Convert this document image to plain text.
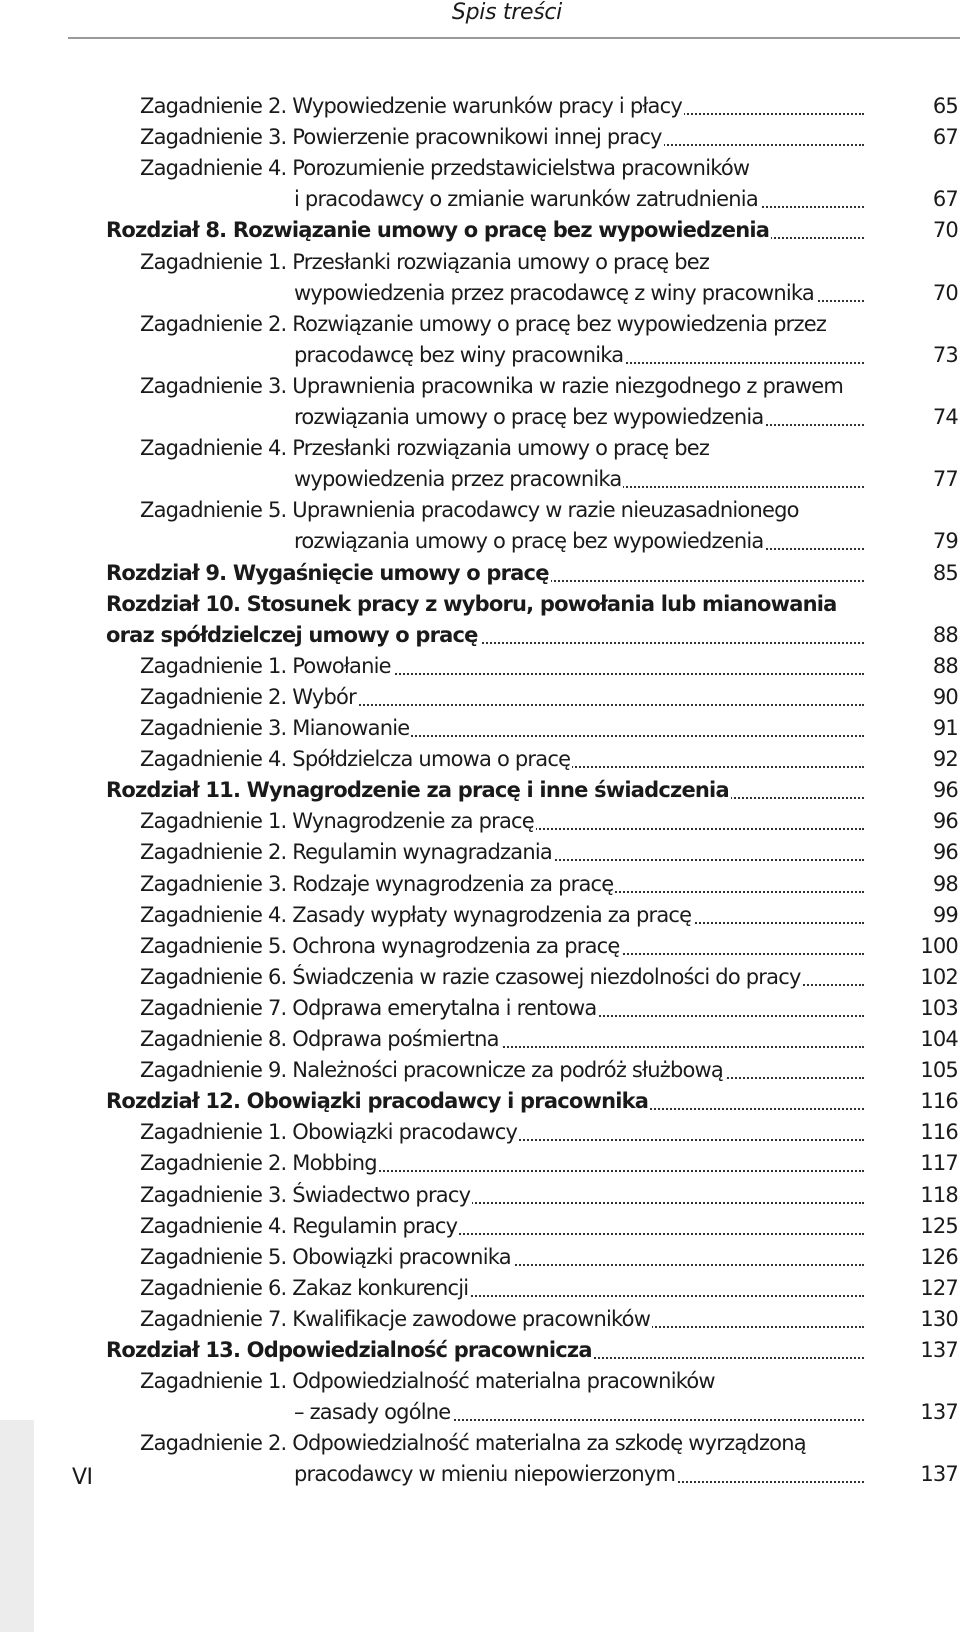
Spis treści
Zagadnienie 2. Wypowiedzenie warunków pracy i płacy	65
Zagadnienie 3. Powierzenie pracownikowi innej pracy	67
Zagadnienie 4. Porozumienie przedstawicielstwa pracowników
i pracodawcy o zmianie warunków zatrudnienia	67
Rozdział 8. Rozwiązanie umowy o pracę bez wypowiedzenia	70
Zagadnienie 1. Przesłanki rozwiązania umowy o pracę bez
wypowiedzenia przez pracodawcę z winy pracownika	70
Zagadnienie 2. Rozwiązanie umowy o pracę bez wypowiedzenia przez
pracodawcę bez winy pracownika	73
Zagadnienie 3. Uprawnienia pracownika w razie niezgodnego z prawem
rozwiązania umowy o pracę bez wypowiedzenia	74
Zagadnienie 4. Przesłanki rozwiązania umowy o pracę bez
wypowiedzenia przez pracownika	77
Zagadnienie 5. Uprawnienia pracodawcy w razie nieuzasadnionego
rozwiązania umowy o pracę bez wypowiedzenia	79
Rozdział 9. Wygaśnięcie umowy o pracę	85
Rozdział 10. Stosunek pracy z wyboru, powołania lub mianowania
oraz spółdzielczej umowy o pracę	88
Zagadnienie 1. Powołanie	88
Zagadnienie 2. Wybór	90
Zagadnienie 3. Mianowanie	91
Zagadnienie 4. Spółdzielcza umowa o pracę	92
Rozdział 11. Wynagrodzenie za pracę i inne świadczenia	96
Zagadnienie 1. Wynagrodzenie za pracę	96
Zagadnienie 2. Regulamin wynagradzania	96
Zagadnienie 3. Rodzaje wynagrodzenia za pracę	98
Zagadnienie 4. Zasady wypłaty wynagrodzenia za pracę	99
Zagadnienie 5. Ochrona wynagrodzenia za pracę	100
Zagadnienie 6. Świadczenia w razie czasowej niezdolności do pracy	102
Zagadnienie 7. Odprawa emerytalna i rentowa	103
Zagadnienie 8. Odprawa pośmiertna	104
Zagadnienie 9. Należności pracownicze za podróż służbową	105
Rozdział 12. Obowiązki pracodawcy i pracownika	116
Zagadnienie 1. Obowiązki pracodawcy	116
Zagadnienie 2. Mobbing	117
Zagadnienie 3. Świadectwo pracy	118
Zagadnienie 4. Regulamin pracy	125
Zagadnienie 5. Obowiązki pracownika	126
Zagadnienie 6. Zakaz konkurencji	127
Zagadnienie 7. Kwalifikacje zawodowe pracowników	130
Rozdział 13. Odpowiedzialność pracownicza	137
Zagadnienie 1. Odpowiedzialność materialna pracowników
– zasady ogólne	137
Zagadnienie 2. Odpowiedzialność materialna za szkodę wyrządzoną
pracodawcy w mieniu niepowierzonym	137
VI
